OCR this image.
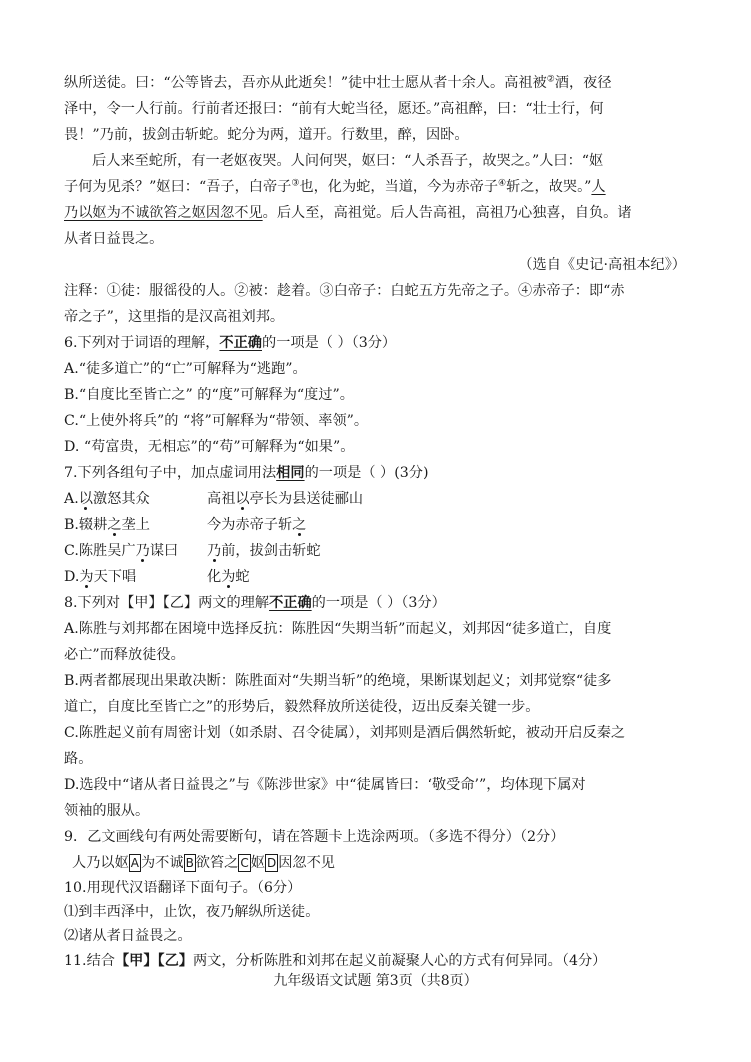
纵所送徒。曰：“公等皆去，吾亦从此逝矣！”徒中壮士愿从者十余人。高祖被②酒，夜径
泽中，令一人行前。行前者还报曰：“前有大蛇当径，愿还。”高祖醉，曰：“壮士行，何
畏！”乃前，拔剑击斩蛇。蛇分为两，道开。行数里，醉，因卧。
后人来至蛇所，有一老妪夜哭。人问何哭，妪曰：“人杀吾子，故哭之。”人曰：“妪
子何为见杀？”妪曰：“吾子，白帝子③也，化为蛇，当道，今为赤帝子④斩之，故哭。”人
乃以妪为不诚欲笞之妪因忽不见。后人至，高祖觉。后人告高祖，高祖乃心独喜，自负。诸
从者日益畏之。
（选自《史记·高祖本纪》）
注释：①徒：服徭役的人。②被：趁着。③白帝子：白蛇五方先帝之子。④赤帝子：即“赤
帝之子”，这里指的是汉高祖刘邦。
6.下列对于词语的理解，不正确的一项是（ ）（3分）
A.“徒多道亡”的“亡”可解释为“逃跑”。
B.“自度比至皆亡之” 的“度”可解释为“度过”。
C.“上使外将兵”的 “将”可解释为“带领、率领”。
D. “苟富贵，无相忘”的“苟”可解释为“如果”。
7.下列各组句子中，加点虚词用法相同的一项是（ ）(3分)
A.以激怒其众	高祖以亭长为县送徒郦山
B.辍耕之垄上	今为赤帝子斩之
C.陈胜吴广乃谋曰 乃前，拔剑击斩蛇
D.为天下唱	化为蛇
8.下列对【甲】【乙】两文的理解不正确的一项是（ ）（3分）
A.陈胜与刘邦都在困境中选择反抗：陈胜因“失期当斩”而起义，刘邦因“徒多道亡，自度
必亡”而释放徒役。
B.两者都展现出果敢决断：陈胜面对“失期当斩”的绝境，果断谋划起义；刘邦觉察“徒多
道亡，自度比至皆亡之”的形势后，毅然释放所送徒役，迈出反秦关键一步。
C.陈胜起义前有周密计划（如杀尉、召令徒属），刘邦则是酒后偶然斩蛇，被动开启反秦之
路。
D.选段中“诸从者日益畏之”与《陈涉世家》中“徒属皆曰：‘敬受命’”，均体现下属对
领袖的服从。
9．乙文画线句有两处需要断句，请在答题卡上选涂两项。（多选不得分）（2分）
人乃以妪 A 为不诚 B 欲笞之 C 妪 D 因忽不见
10.用现代汉语翻译下面句子。（6分）
⑴到丰西泽中，止饮，夜乃解纵所送徒。
⑵诸从者日益畏之。
11.结合【甲】【乙】两文，分析陈胜和刘邦在起义前凝聚人心的方式有何异同。（4分）
九年级语文试题 第3页（共8页）
